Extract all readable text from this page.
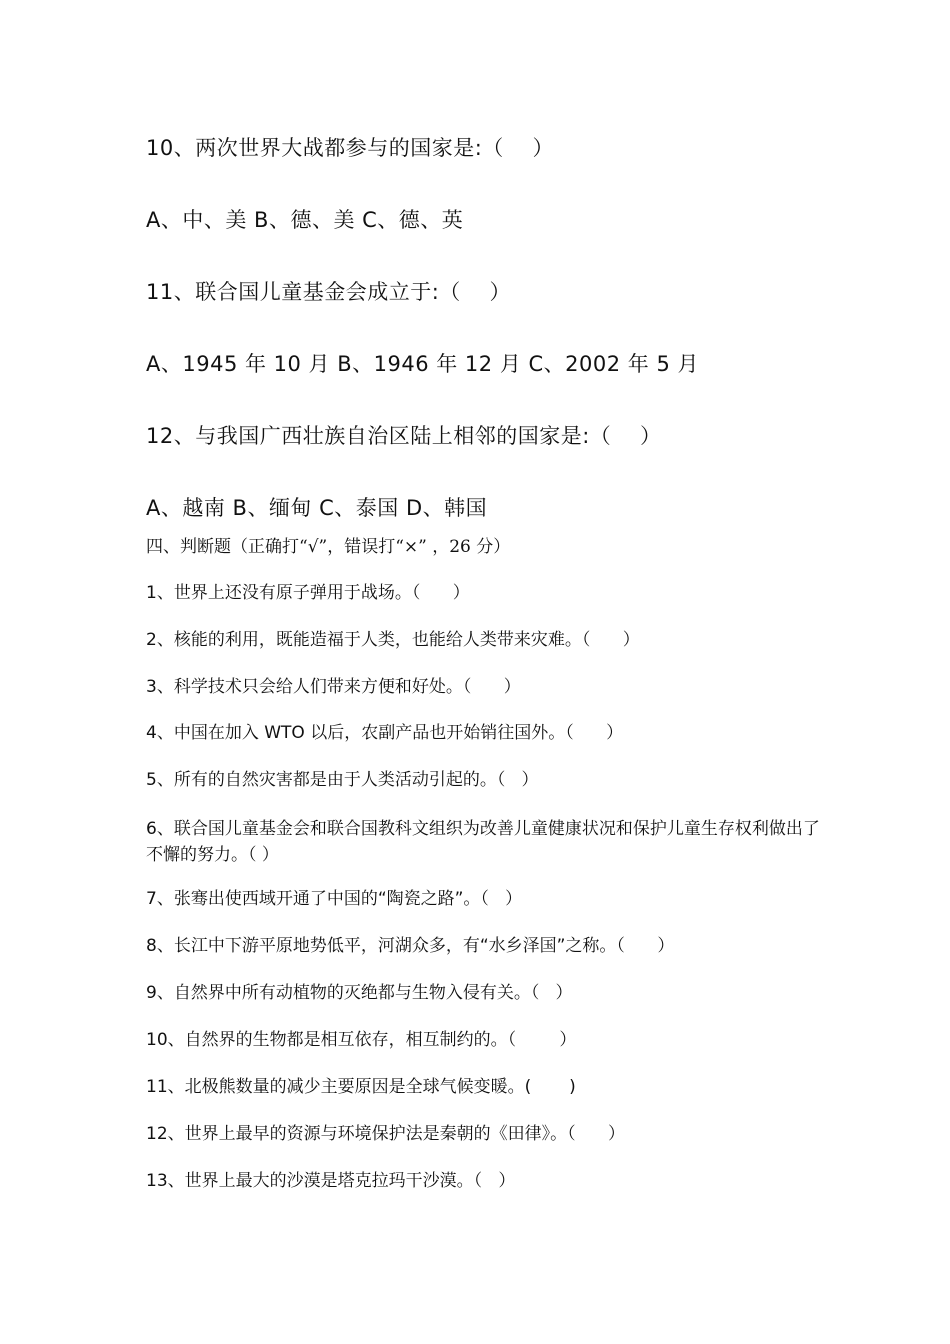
10、两次世界大战都参与的国家是:（    ）
A、中、美 B、德、美 C、德、英
11、联合国儿童基金会成立于:（    ）
A、1945 年 10 月 B、1946 年 12 月 C、2002 年 5 月
12、与我国广西壮族自治区陆上相邻的国家是:（    ）
A、越南 B、缅甸 C、泰国 D、韩国
四、判断题（正确打“√”，错误打“×” ，26 分）
1、世界上还没有原子弹用于战场。（      ）
2、核能的利用，既能造福于人类，也能给人类带来灾难。（      ）
3、科学技术只会给人们带来方便和好处。（      ）
4、中国在加入 WTO 以后，农副产品也开始销往国外。（      ）
5、所有的自然灾害都是由于人类活动引起的。（   ）
6、联合国儿童基金会和联合国教科文组织为改善儿童健康状况和保护儿童生存权利做出了不懈的努力。（ ）
7、张骞出使西域开通了中国的“陶瓷之路”。（   ）
8、长江中下游平原地势低平，河湖众多，有“水乡泽国”之称。（      ）
9、自然界中所有动植物的灭绝都与生物入侵有关。（   ）
10、自然界的生物都是相互依存，相互制约的。（        ）
11、北极熊数量的减少主要原因是全球气候变暖。(       )
12、世界上最早的资源与环境保护法是秦朝的《田律》。（      ）
13、世界上最大的沙漠是塔克拉玛干沙漠。（   ）
